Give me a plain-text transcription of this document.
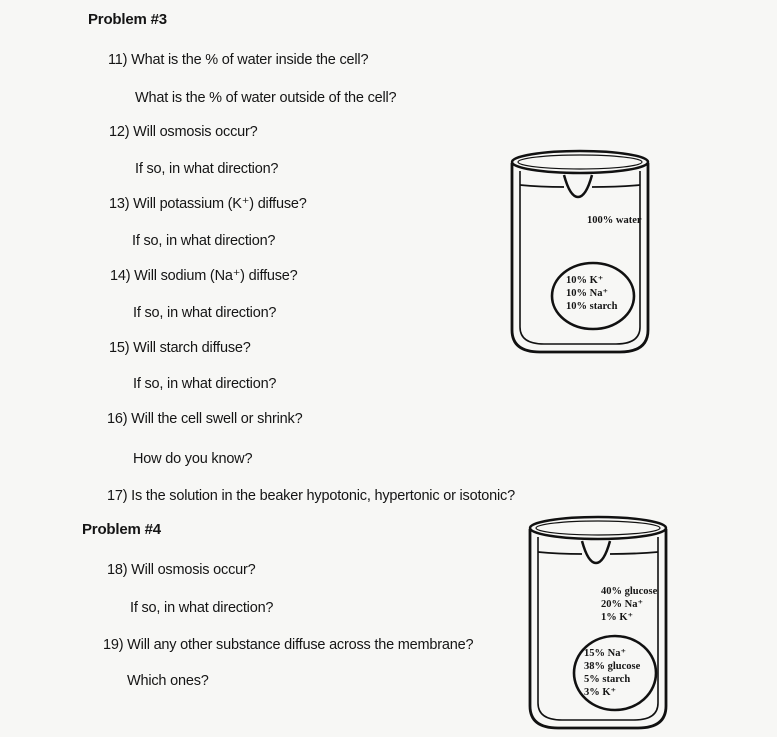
Problem #3
11) What is the % of water inside the cell?
What is the % of water outside of the cell?
12) Will osmosis occur?
If so, in what direction?
13) Will potassium (K⁺) diffuse?
If so, in what direction?
14) Will sodium (Na⁺) diffuse?
If so, in what direction?
15) Will starch diffuse?
If so, in what direction?
16) Will the cell swell or shrink?
How do you know?
17) Is the solution in the beaker hypotonic, hypertonic or isotonic?
Problem #4
18) Will osmosis occur?
If so, in what direction?
19) Will any other substance diffuse across the membrane?
Which ones?
100% water
10% K⁺
10% Na⁺
10% starch
40% glucose
20% Na⁺
1% K⁺
15% Na⁺
38% glucose
5% starch
3% K⁺
